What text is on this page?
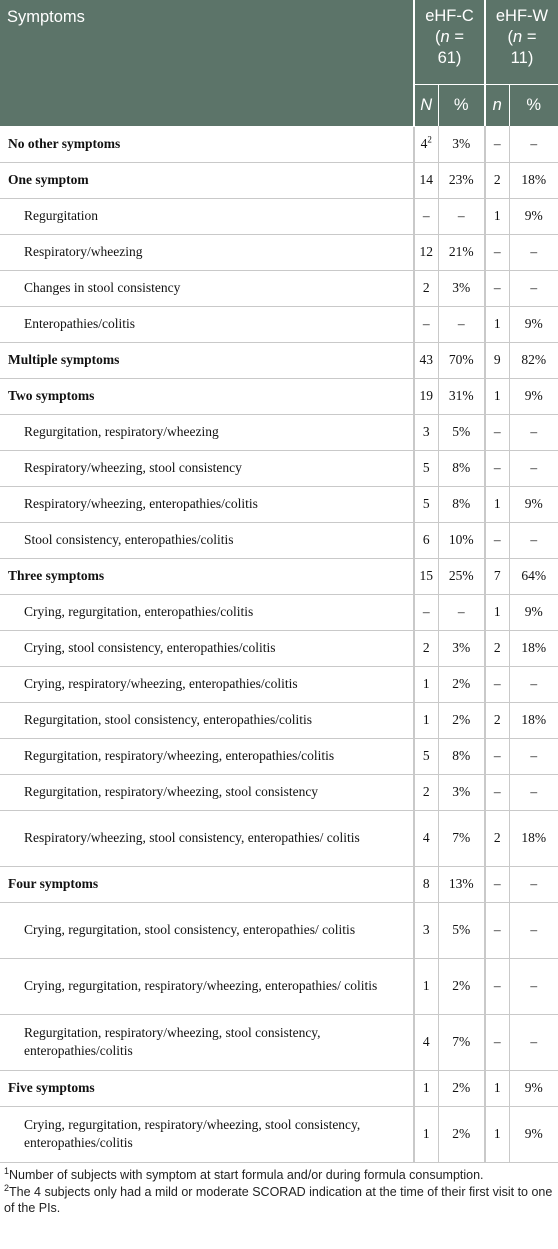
Symptoms	eHF-C
(n =
61)		eHF-W
(n =
11)	
	N	%	n	%
No other symptoms	$4^2$	3%	–	–
One symptom	14	23%	2	18%
Regurgitation	–	–	1	9%
Respiratory/wheezing	12	21%	–	–
Changes in stool consistency	2	3%	–	–
Enteropathies/colitis	–	–	1	9%
Multiple symptoms	43	70%	9	82%
Two symptoms	19	31%	1	9%
Regurgitation, respiratory/wheezing	3	5%	–	–
Respiratory/wheezing, stool consistency	5	8%	–	–
Respiratory/wheezing, enteropathies/colitis	5	8%	1	9%
Stool consistency, enteropathies/colitis	6	10%	–	–
Three symptoms	15	25%	7	64%
Crying, regurgitation, enteropathies/colitis	–	–	1	9%
Crying, stool consistency, enteropathies/colitis	2	3%	2	18%
Crying, respiratory/wheezing, enteropathies/colitis	1	2%	–	–
Regurgitation, stool consistency, enteropathies/colitis	1	2%	2	18%
Regurgitation, respiratory/wheezing, enteropathies/colitis	5	8%	–	–
Regurgitation, respiratory/wheezing, stool consistency	2	3%	–	–
Respiratory/wheezing, stool consistency, enteropathies/ colitis	4	7%	2	18%
Four symptoms	8	13%	–	–
Crying, regurgitation, stool consistency, enteropathies/ colitis	3	5%	–	–
Crying, regurgitation, respiratory/wheezing, enteropathies/ colitis	1	2%	–	–
Regurgitation, respiratory/wheezing, stool consistency, enteropathies/colitis	4	7%	–	–
Five symptoms	1	2%	1	9%
Crying, regurgitation, respiratory/wheezing, stool consistency, enteropathies/colitis	1	2%	1	9%

$^1$Number of subjects with symptom at start formula and/or during formula consumption.

$^2$The 4 subjects only had a mild or moderate SCORAD indication at the time of their first visit to one of the PIs.
